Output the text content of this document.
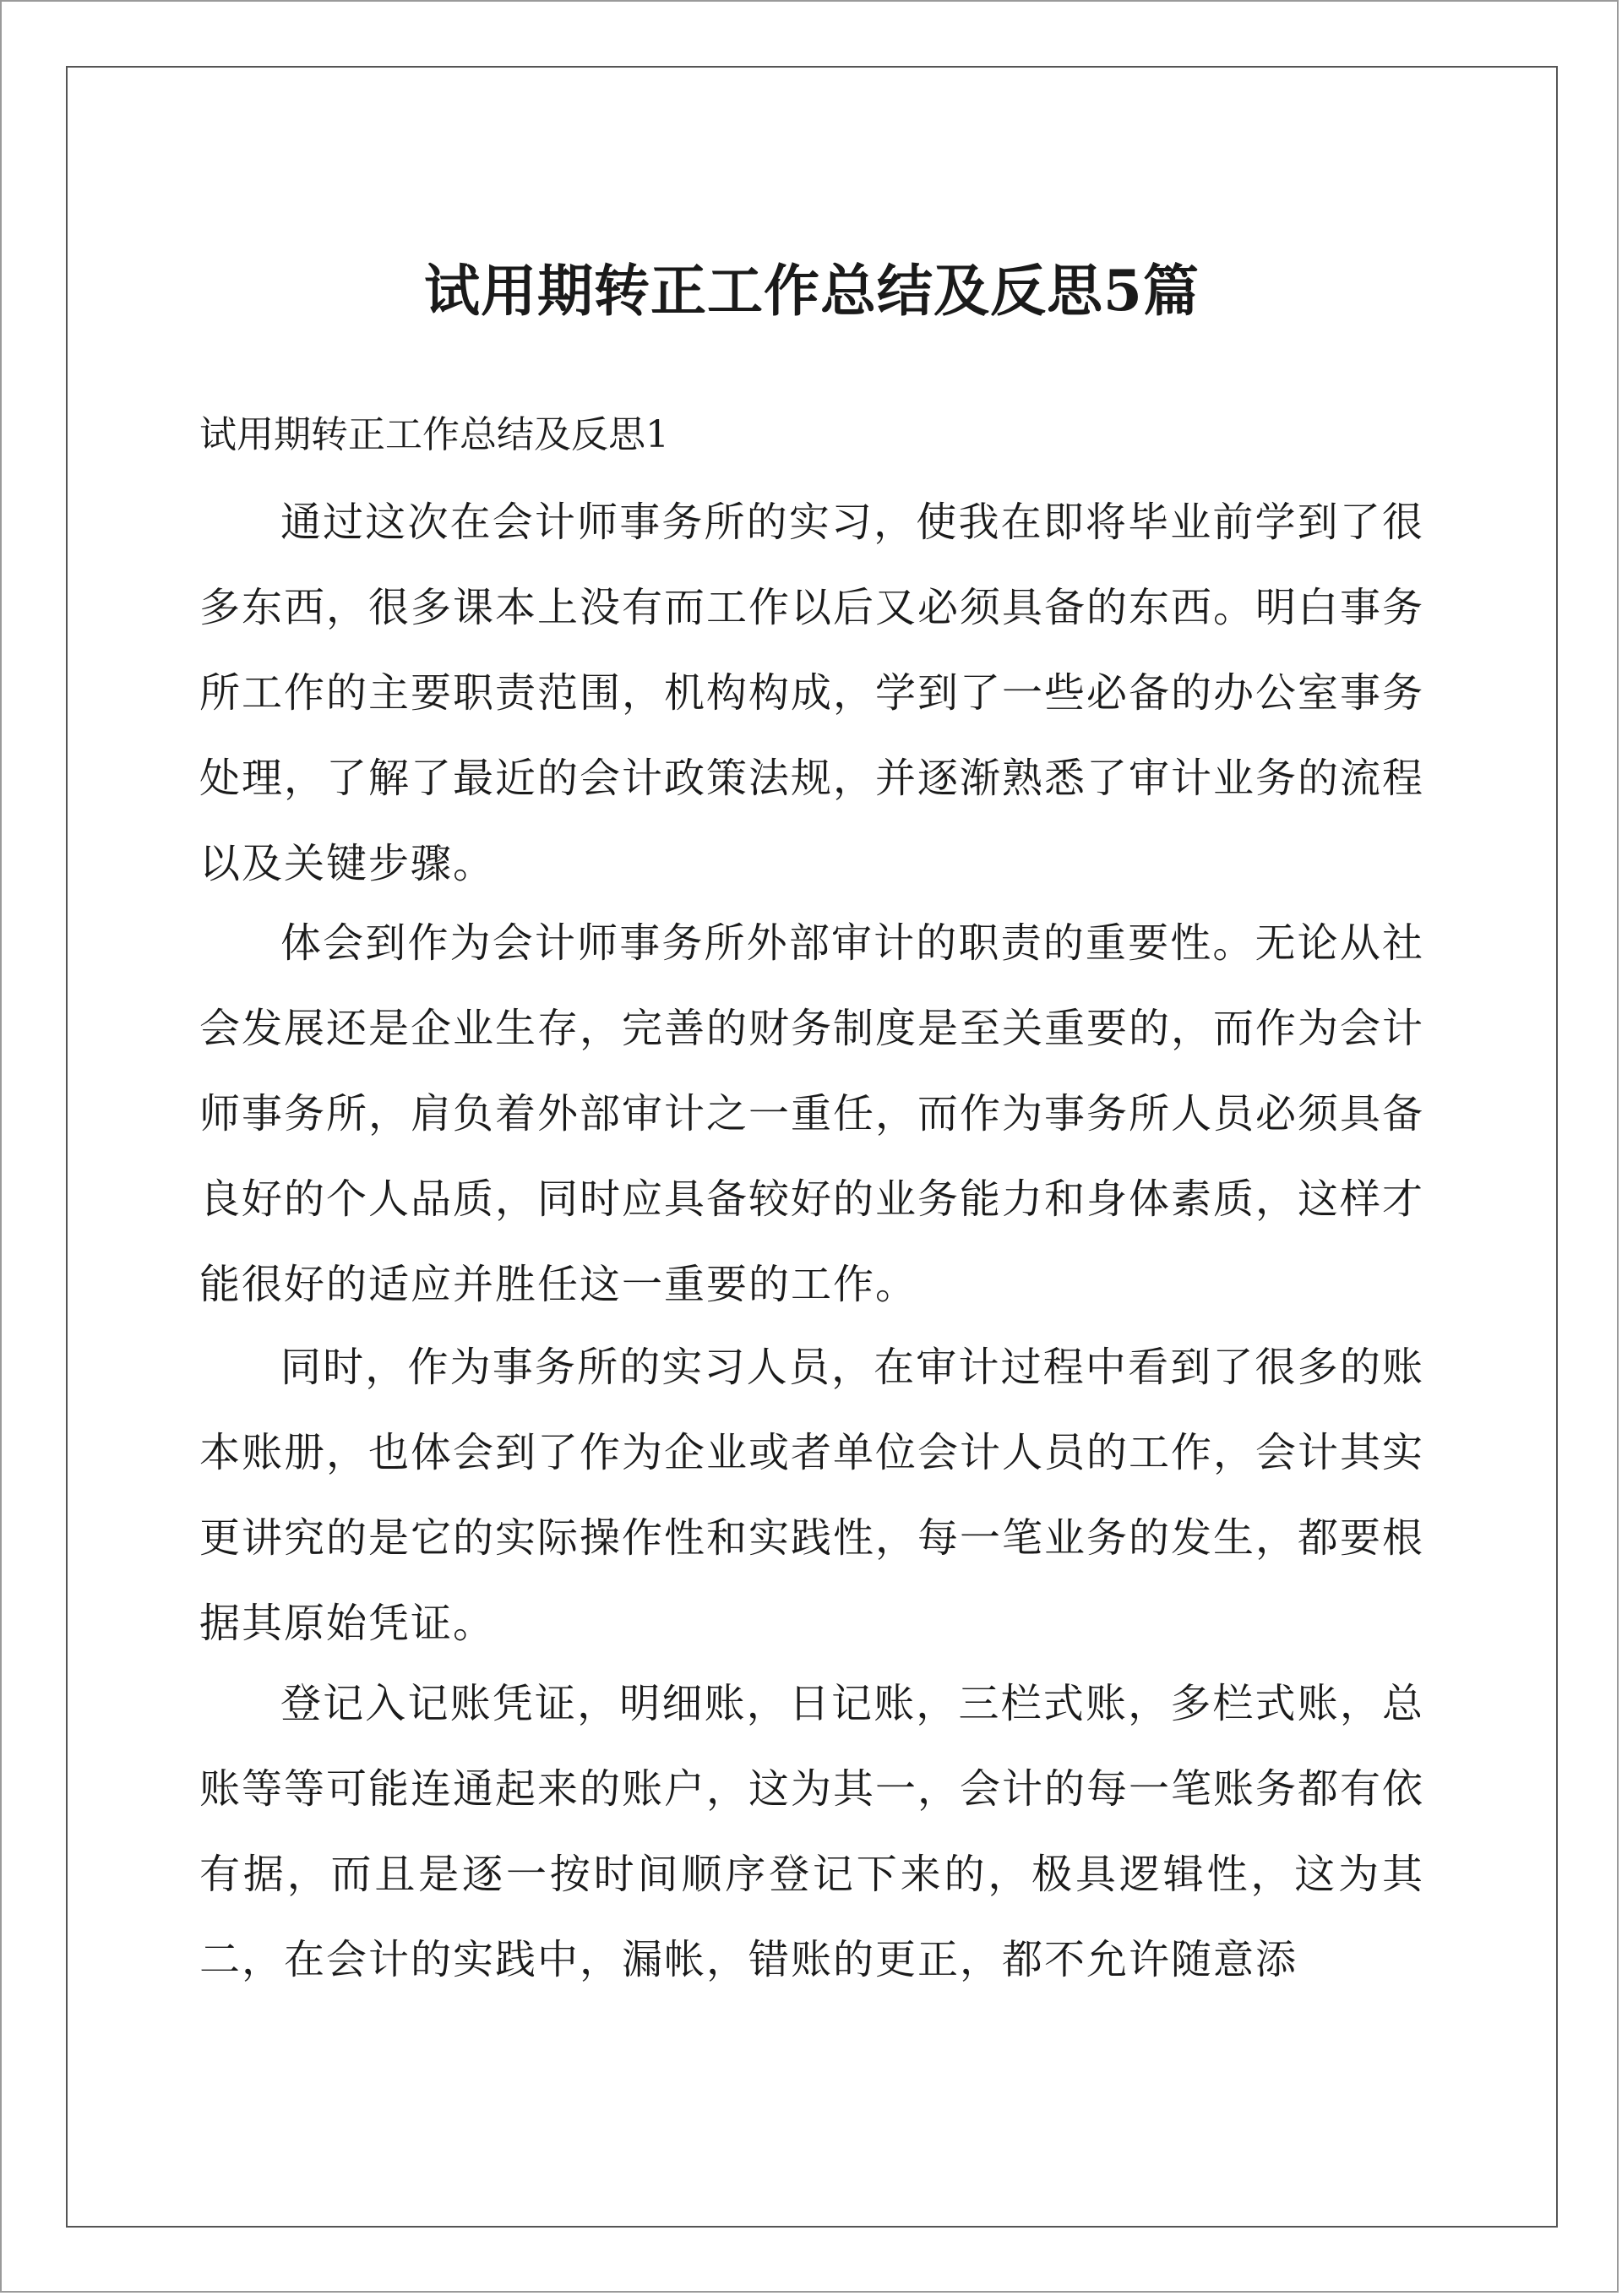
试用期转正工作总结及反思5篇
试用期转正工作总结及反思1

通过这次在会计师事务所的实习，使我在即将毕业前学到了很多东西，很多课本上没有而工作以后又必须具备的东西。明白事务所工作的主要职责范围，机构构成，学到了一些必备的办公室事务处理，了解了最近的会计政策法规，并逐渐熟悉了审计业务的流程以及关键步骤。

体会到作为会计师事务所外部审计的职责的重要性。无论从社会发展还是企业生存，完善的财务制度是至关重要的，而作为会计师事务所，肩负着外部审计之一重任，而作为事务所人员必须具备良好的个人品质，同时应具备较好的业务能力和身体素质，这样才能很好的适应并胜任这一重要的工作。

同时，作为事务所的实习人员，在审计过程中看到了很多的账本账册，也体会到了作为企业或者单位会计人员的工作，会计其实更讲究的是它的实际操作性和实践性，每一笔业务的发生，都要根据其原始凭证。

登记入记账凭证，明细账，日记账，三栏式账，多栏式账，总账等等可能连通起来的账户，这为其一，会计的每一笔账务都有依有据，而且是逐一按时间顺序登记下来的，极具逻辑性，这为其二，在会计的实践中，漏帐，错账的更正，都不允许随意添
